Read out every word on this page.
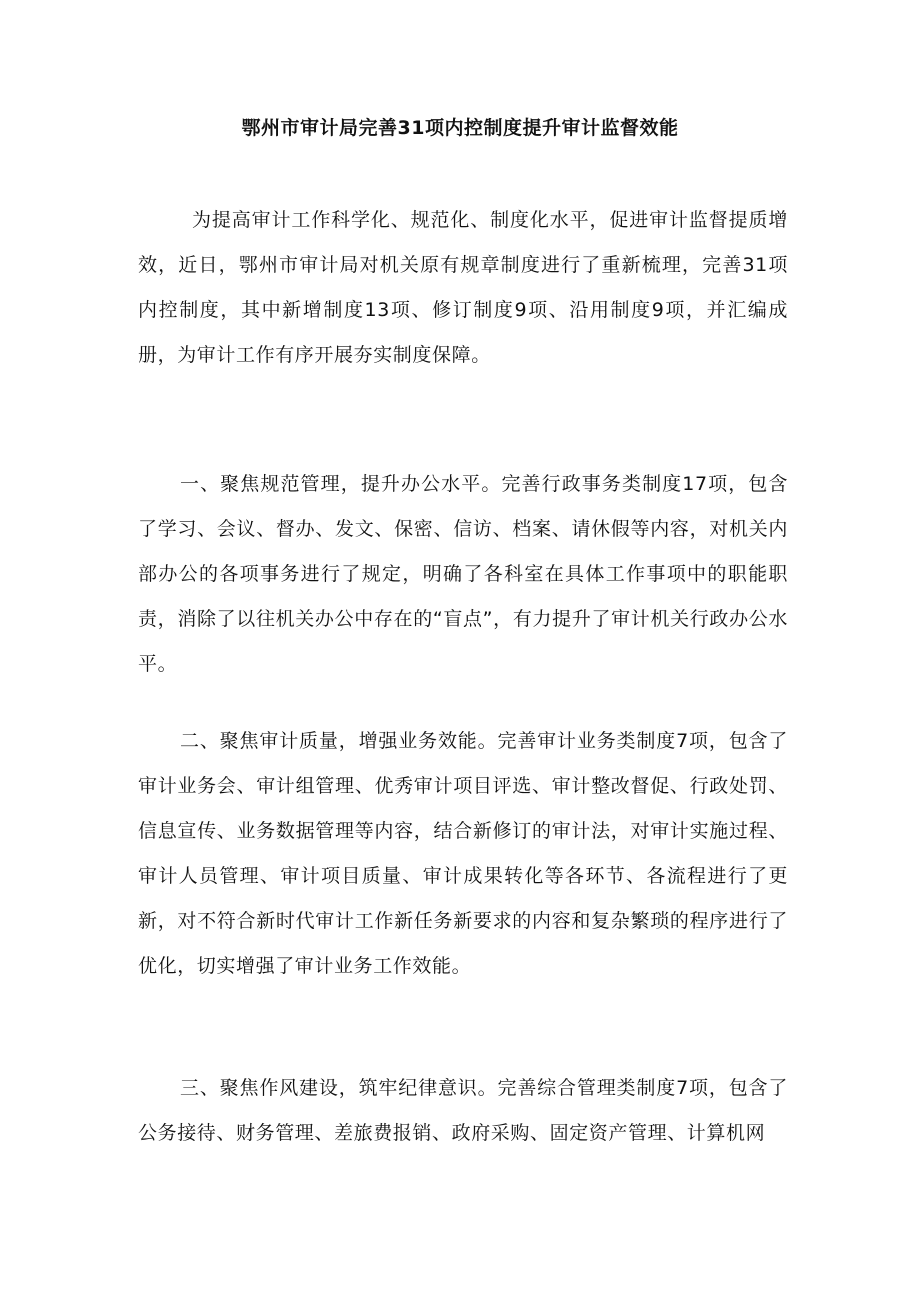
鄂州市审计局完善31项内控制度提升审计监督效能

为提高审计工作科学化、规范化、制度化水平，促进审计监督提质增效，近日，鄂州市审计局对机关原有规章制度进行了重新梳理，完善31项内控制度，其中新增制度13项、修订制度9项、沿用制度9项，并汇编成册，为审计工作有序开展夯实制度保障。

一、聚焦规范管理，提升办公水平。完善行政事务类制度17项，包含了学习、会议、督办、发文、保密、信访、档案、请休假等内容，对机关内部办公的各项事务进行了规定，明确了各科室在具体工作事项中的职能职责，消除了以往机关办公中存在的“盲点”，有力提升了审计机关行政办公水平。

二、聚焦审计质量，增强业务效能。完善审计业务类制度7项，包含了审计业务会、审计组管理、优秀审计项目评选、审计整改督促、行政处罚、信息宣传、业务数据管理等内容，结合新修订的审计法，对审计实施过程、审计人员管理、审计项目质量、审计成果转化等各环节、各流程进行了更新，对不符合新时代审计工作新任务新要求的内容和复杂繁琐的程序进行了优化，切实增强了审计业务工作效能。

三、聚焦作风建设，筑牢纪律意识。完善综合管理类制度7项，包含了公务接待、财务管理、差旅费报销、政府采购、固定资产管理、计算机网
